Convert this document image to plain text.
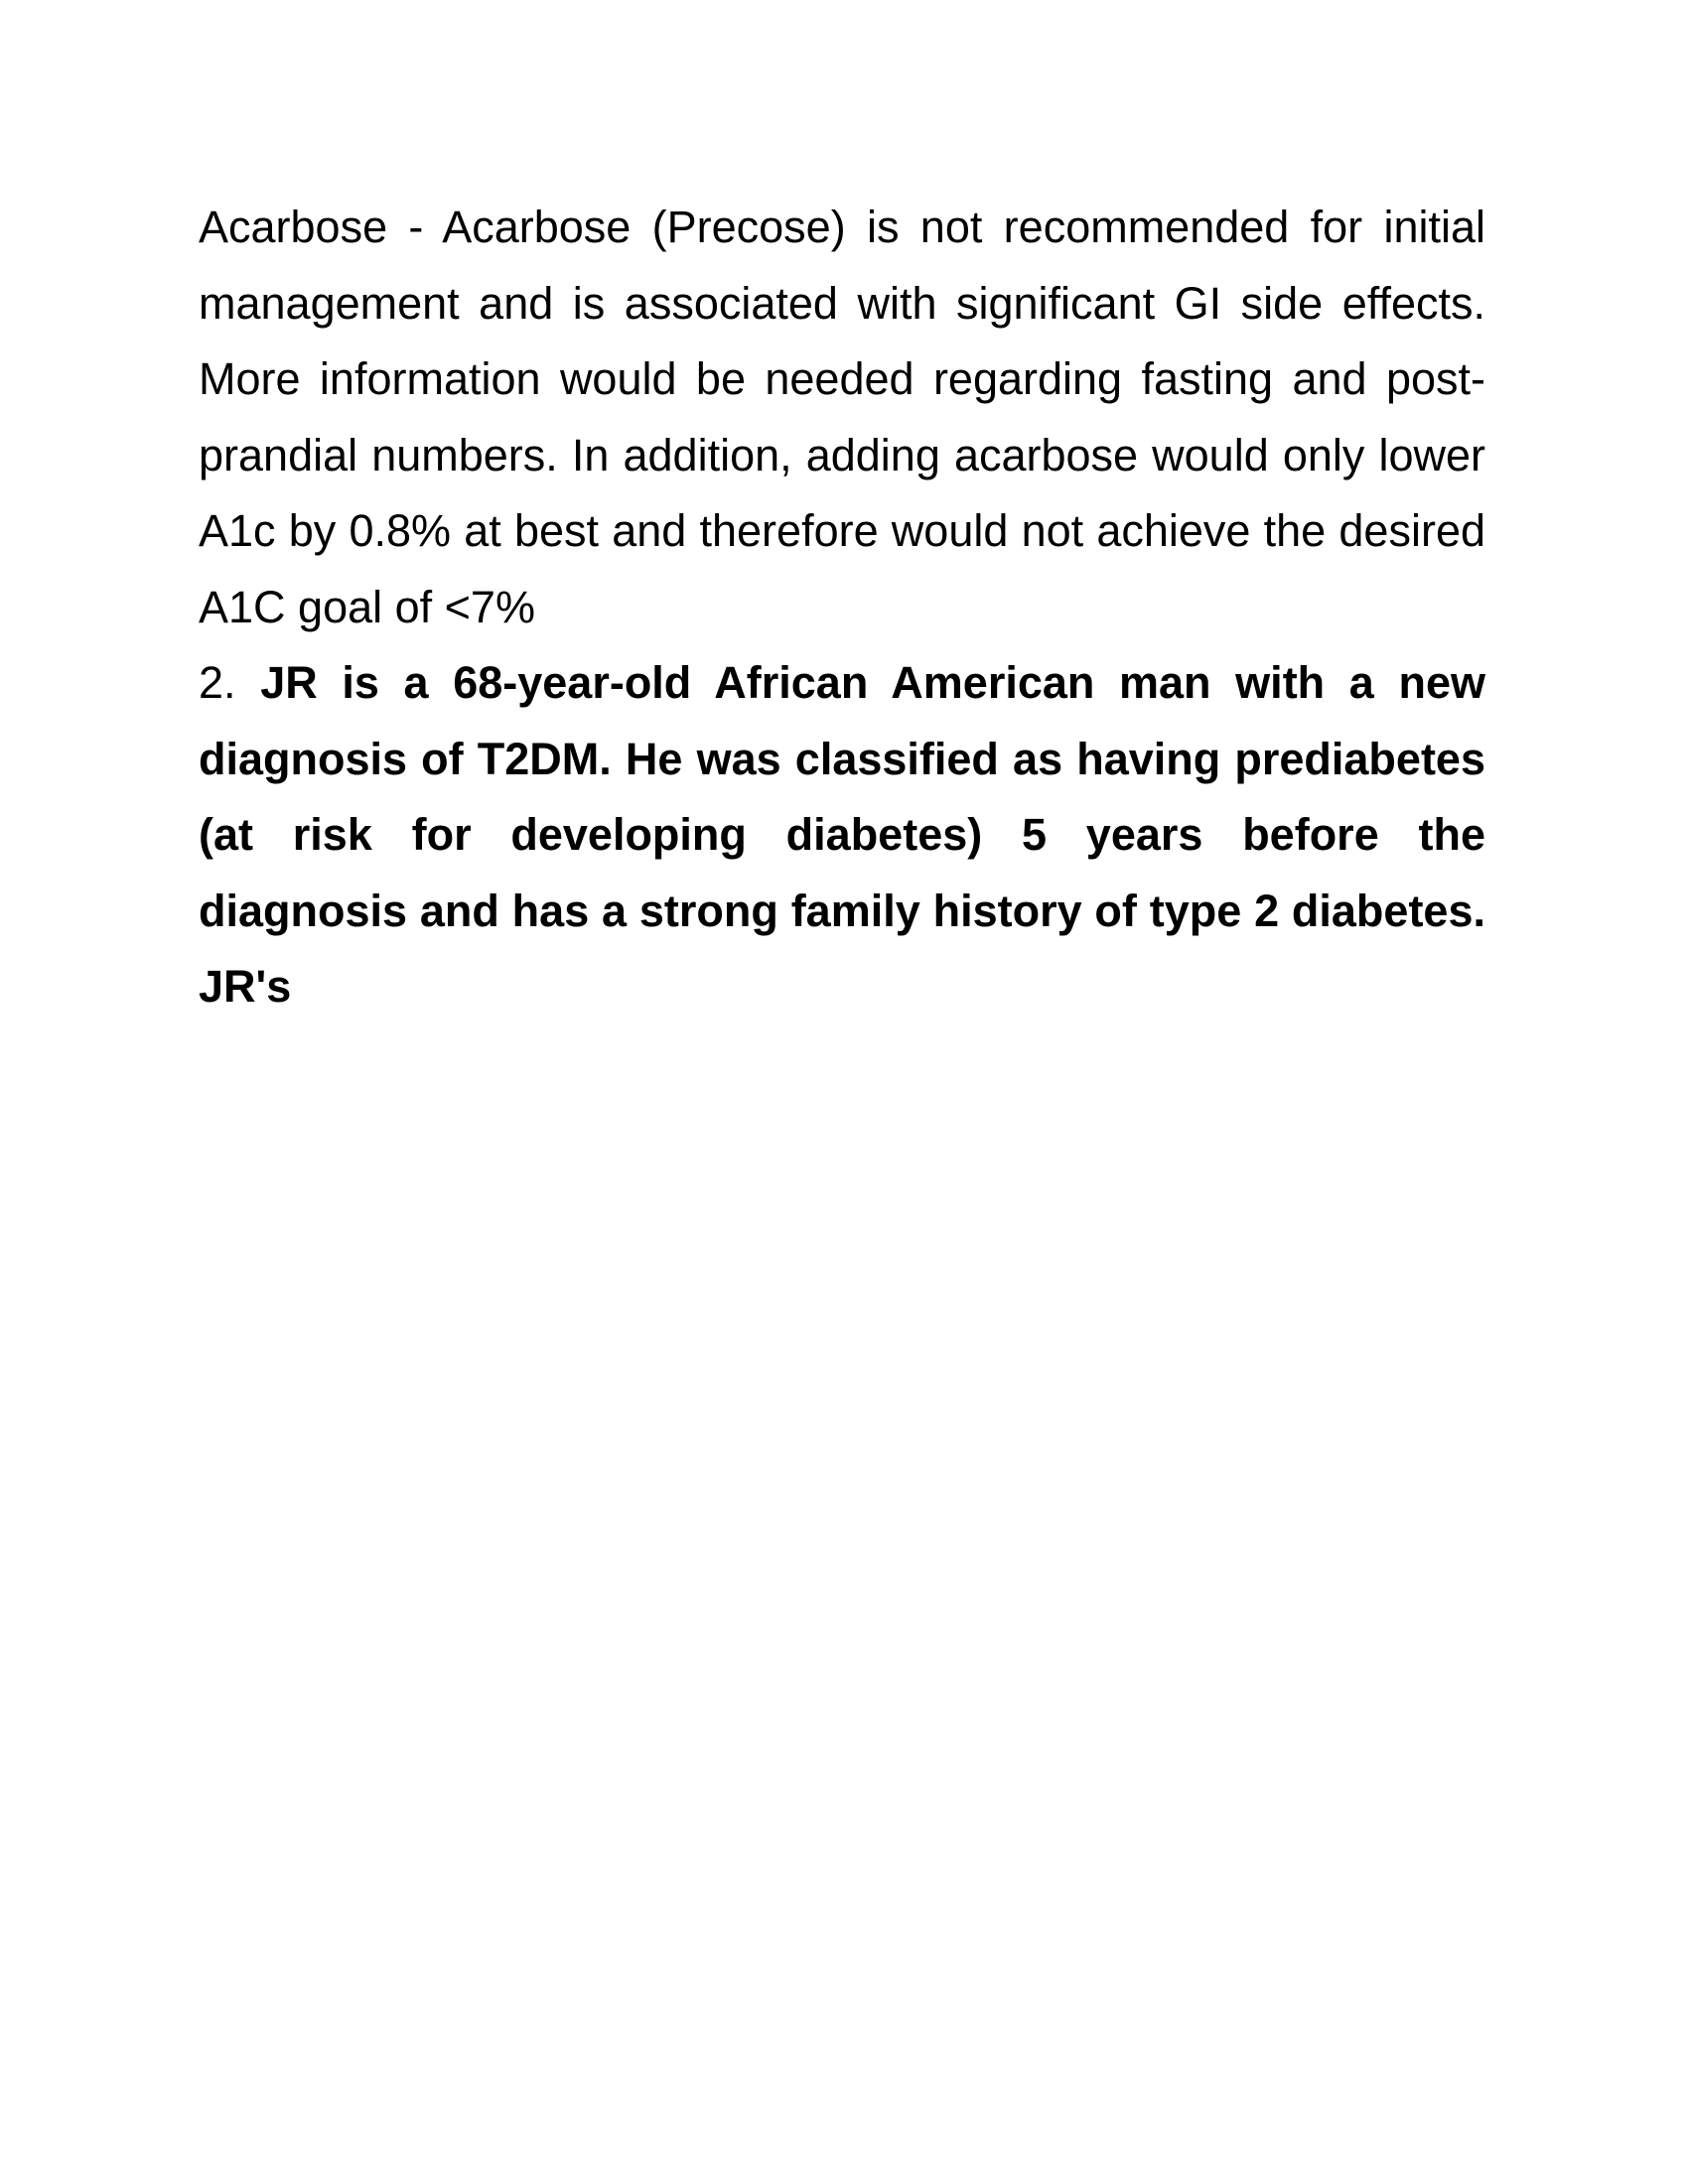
Acarbose - Acarbose (Precose) is not recommended for initial management and is associated with significant GI side effects. More information would be needed regarding fasting and post-prandial numbers. In addition, adding acarbose would only lower A1c by 0.8% at best and therefore would not achieve the desired A1C goal of <7%

2. JR is a 68-year-old African American man with a new diagnosis of T2DM. He was classified as having prediabetes (at risk for developing diabetes) 5 years before the diagnosis and has a strong family history of type 2 diabetes. JR's
